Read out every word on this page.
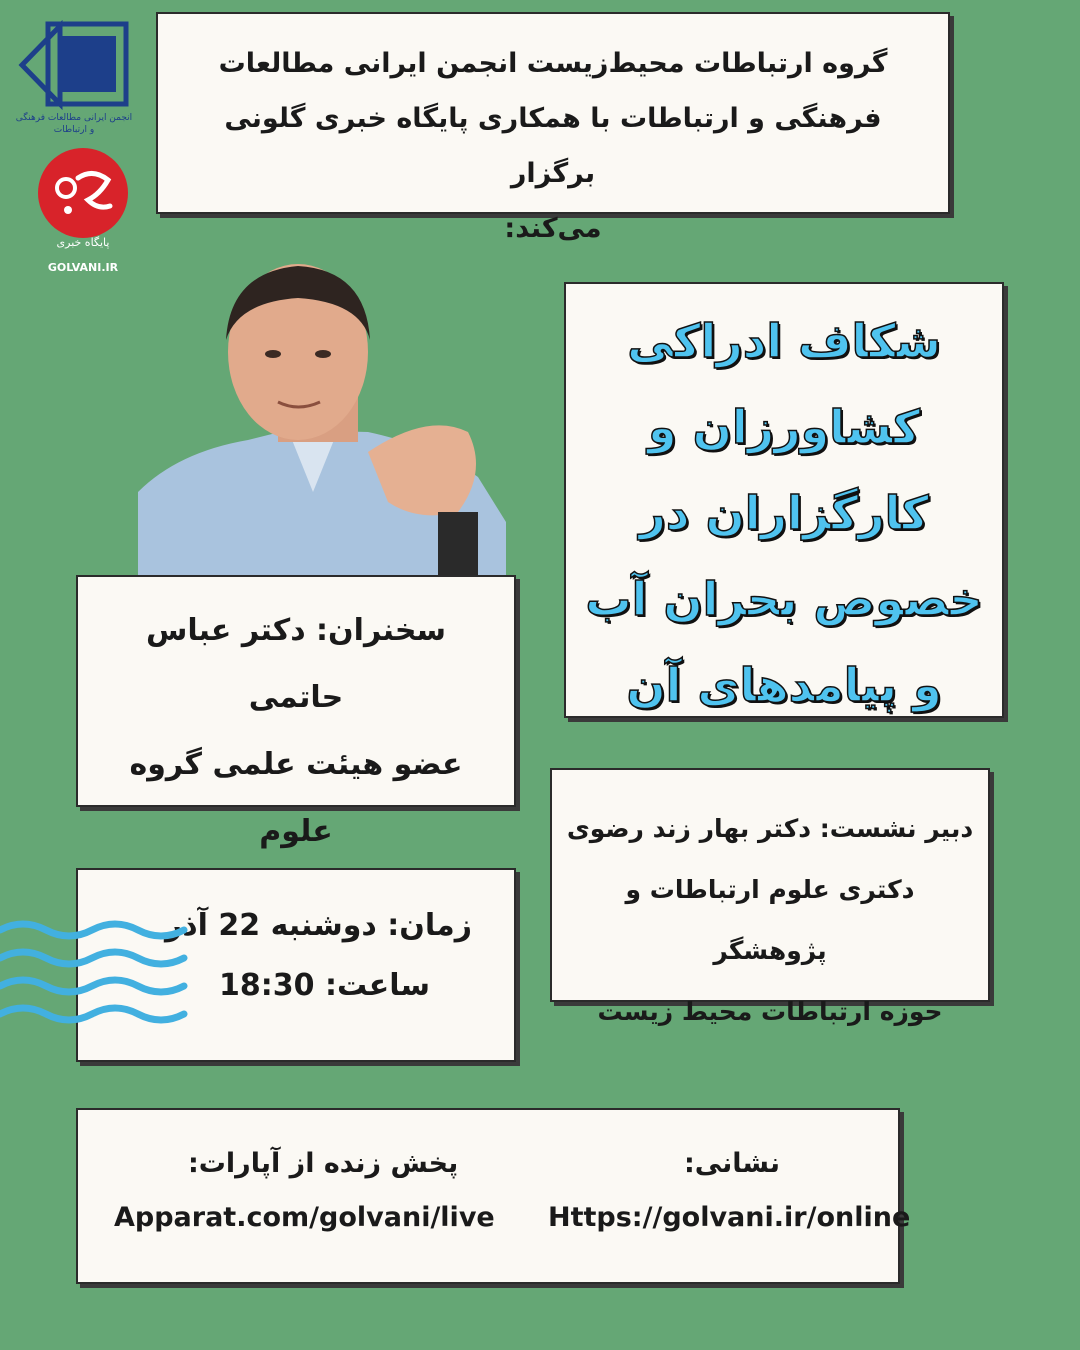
انجمن ایرانی مطالعات فرهنگی و ارتباطات
پایگاه خبری
GOLVANI.IR
گروه ارتباطات محیط‌زیست انجمن ایرانی مطالعات
فرهنگی و ارتباطات با همکاری پایگاه خبری گلونی برگزار
می‌کند:
شکاف ادراکی
کشاورزان و
کارگزاران در
خصوص بحران آب
و پیامدهای آن
سخنران: دکتر عباس حاتمی
عضو هیئت علمی گروه علوم	دبیر نشست: دکتر بهار زند رضوی
دکتری علوم ارتباطات و پژوهشگر
حوزه ارتباطات محیط زیست
زمان: دوشنبه 22 آذر
ساعت: 18:30
پخش زنده از آپارات:
Apparat.com/golvani/live
نشانی:
Https://golvani.ir/online
